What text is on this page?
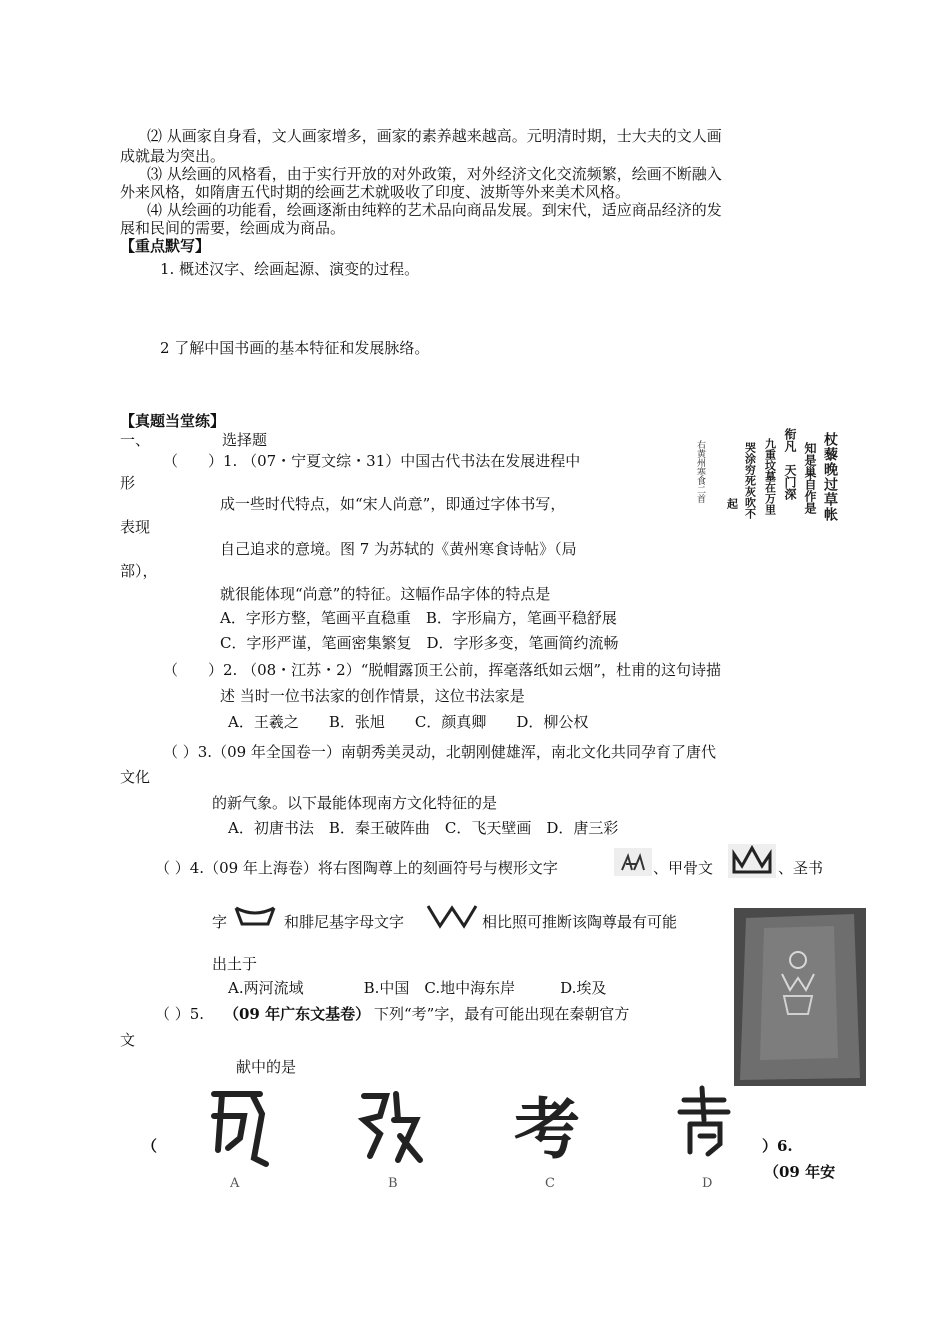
⑵ 从画家自身看，文人画家增多，画家的素养越来越高。元明清时期，士大夫的文人画
成就最为突出。
⑶ 从绘画的风格看，由于实行开放的对外政策，对外经济文化交流频繁，绘画不断融入
外来风格，如隋唐五代时期的绘画艺术就吸收了印度、波斯等外来美术风格。
⑷ 从绘画的功能看，绘画逐渐由纯粹的艺术品向商品发展。到宋代，适应商品经济的发
展和民间的需要，绘画成为商品。
【重点默写】
1. 概述汉字、绘画起源、演变的过程。
2 了解中国书画的基本特征和发展脉络。
【真题当堂练】
一、	选择题
（　　）1. （07・宁夏文综・31）中国古代书法在发展进程中
形
成一些时代特点，如“宋人尚意”，即通过字体书写，
表现
自己追求的意境。图 7 为苏轼的《黄州寒食诗帖》（局
部），
就很能体现“尚意”的特征。这幅作品字体的特点是
A．字形方整，笔画平直稳重　B．字形扁方，笔画平稳舒展
C．字形严谨，笔画密集繁复　D．字形多变，笔画简约流畅
杖藜晚过草帐
知是巢自作是
衔凡　天门深
九重坟墓在万里
哭涂穷死灰吹不
起
右黄州寒食二首
（　　）2. （08・江苏・2）“脱帽露顶王公前，挥毫落纸如云烟”，杜甫的这句诗描
述 当时一位书法家的创作情景，这位书法家是
A．王羲之　　B．张旭　　C．颜真卿　　D．柳公权
（ ）3.（09 年全国卷一）南朝秀美灵动，北朝刚健雄浑，南北文化共同孕育了唐代
文化
的新气象。以下最能体现南方文化特征的是
A．初唐书法　B．秦王破阵曲　C．飞天壁画　D．唐三彩
（ ）4.（09 年上海卷）将右图陶尊上的刻画符号与楔形文字	、甲骨文	、圣书
字	和腓尼基字母文字	相比照可推断该陶尊最有可能
出土于
A.两河流域　　　　B.中国　C.地中海东岸　　　D.埃及
（ ）5. （09 年广东文基卷） 下列“考”字，最有可能出现在秦朝官方
文
献中的是
考
A	B	C	D
（	）6.
（09 年安
